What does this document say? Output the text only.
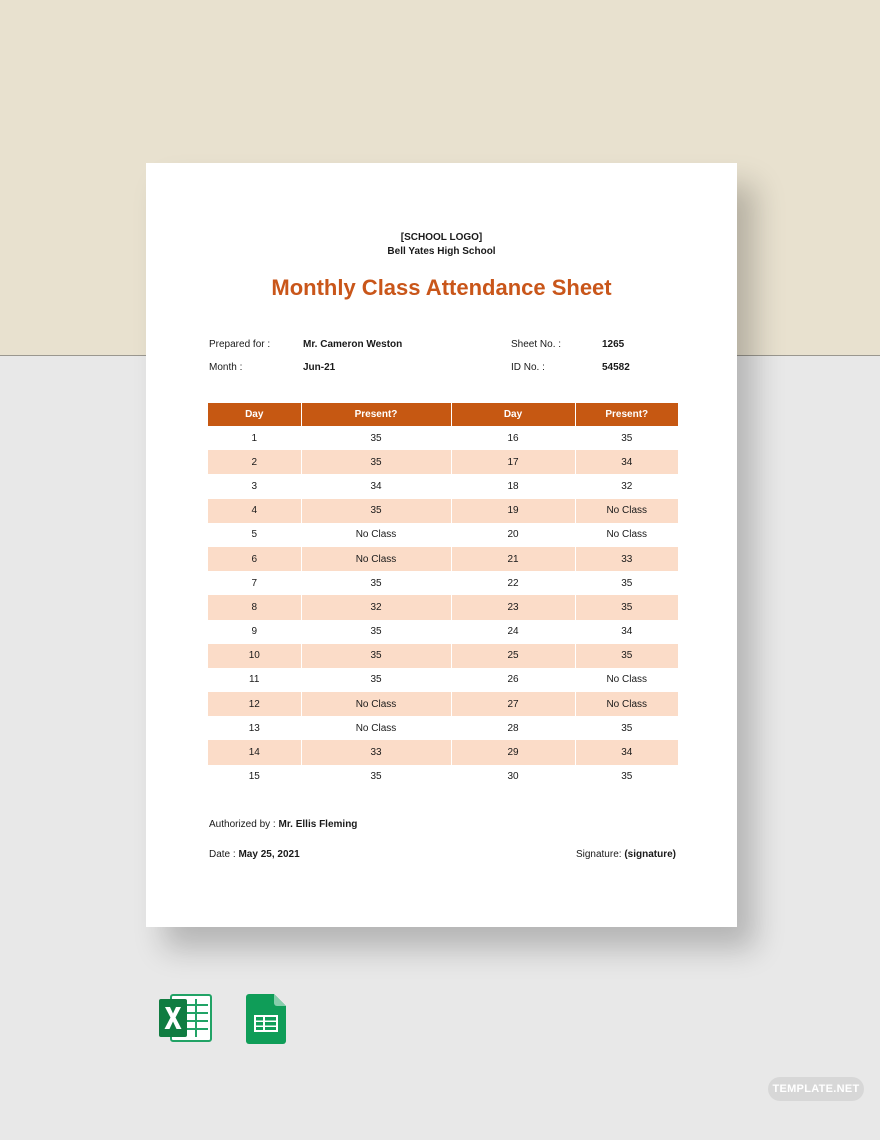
[SCHOOL LOGO]
Bell Yates High School
Monthly Class Attendance Sheet
Prepared for :	Mr. Cameron Weston
Month :	Jun-21
Sheet No. :	1265
ID No. :	54582
Day	Present?	Day	Present?
1	35	16	35
2	35	17	34
3	34	18	32
4	35	19	No Class
5	No Class	20	No Class
6	No Class	21	33
7	35	22	35
8	32	23	35
9	35	24	34
10	35	25	35
11	35	26	No Class
12	No Class	27	No Class
13	No Class	28	35
14	33	29	34
15	35	30	35
Authorized by : Mr. Ellis Fleming
Date : May 25, 2021	Signature: (signature)
TEMPLATE.NET
